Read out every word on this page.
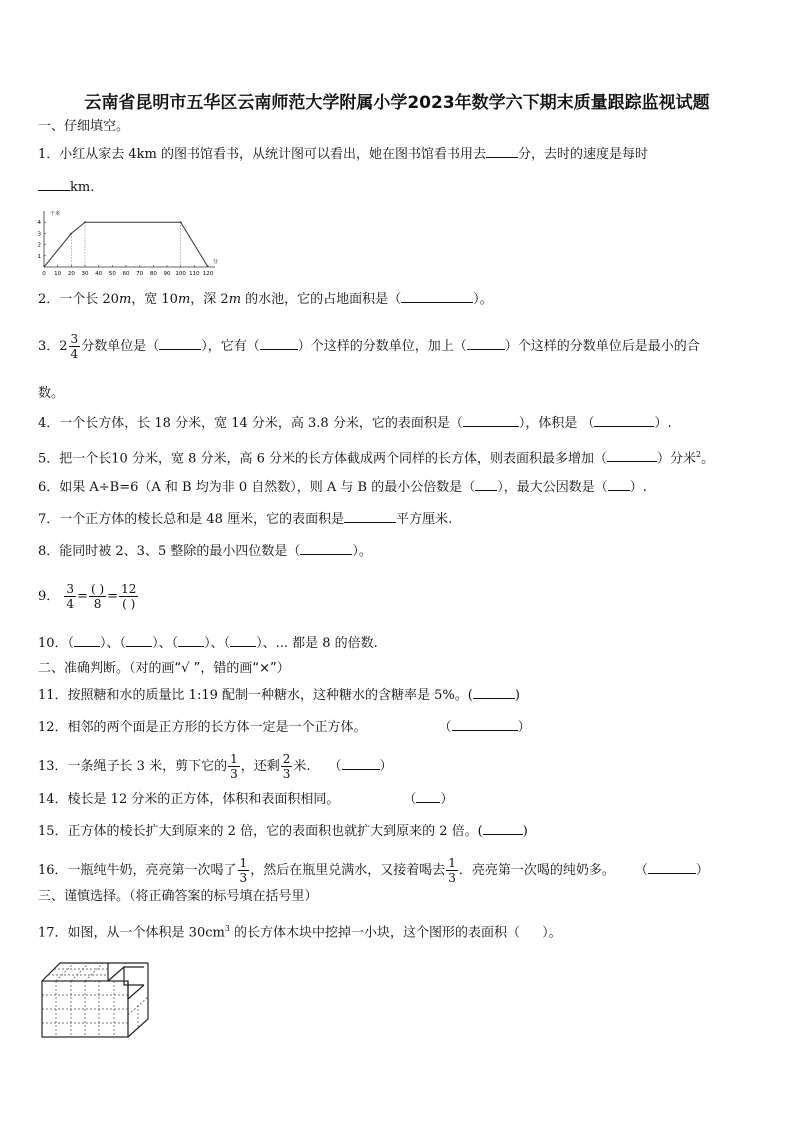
云南省昆明市五华区云南师范大学附属小学2023年数学六下期末质量跟踪监视试题
一、仔细填空。
1．小红从家去 4km 的图书馆看书，从统计图可以看出，她在图书馆看书用去 分，去时的速度是每时
km.
0 10 20 30 40 50 60 70 80 90 100 110 120
1
2
3
4
千米
分
2．一个长 20m，宽 10m，深 2m 的水池，它的占地面积是（	）。
3．$2 \frac{3}{4}$ 分数单位是（	），它有（	）个这样的分数单位，加上（	）个这样的分数单位后是最小的合
数。
4．一个长方体，长 18 分米，宽 14 分米，高 3.8 分米，它的表面积是（	），体积是 （	）.
5．把一个长10 分米，宽 8 分米，高 6 分米的长方体截成两个同样的长方体，则表面积最多增加（	）分米$^2$。
6．如果 A÷B=6（A 和 B 均为非 0 自然数），则 A 与 B 的最小公倍数是（ ），最大公因数是（ ）.
7．一个正方体的棱长总和是 48 厘米，它的表面积是	平方厘米.
8．能同时被 2、3、5 整除的最小四位数是（	）。
9． $\frac{3}{4} = \frac{( )}{8} = \frac{12}{( )}$
10．（ ）、（ ）、（ ）、（ ）、... 都是 8 的倍数.
二、准确判断。（对的画“√ ”，错的画“×”）
11．按照糖和水的质量比 1:19 配制一种糖水，这种糖水的含糖率是 5%。(	)
12．相邻的两个面是正方形的长方体一定是一个正方体。	（	）
13．一条绳子长 3 米，剪下它的 $\frac{1}{3}$ ，还剩 $\frac{2}{3}$ 米. （	）
14．棱长是 12 分米的正方体，体积和表面积相同。	（ ）
15．正方体的棱长扩大到原来的 2 倍，它的表面积也就扩大到原来的 2 倍。(	)
16．一瓶纯牛奶，亮亮第一次喝了 $\frac{1}{3}$ ，然后在瓶里兑满水，又接着喝去 $\frac{1}{3}$ ．亮亮第一次喝的纯奶多。 （	）
三、谨慎选择。（将正确答案的标号填在括号里）
17．如图，从一个体积是 $30cm^3$ 的长方体木块中挖掉一小块，这个图形的表面积（ ）。
